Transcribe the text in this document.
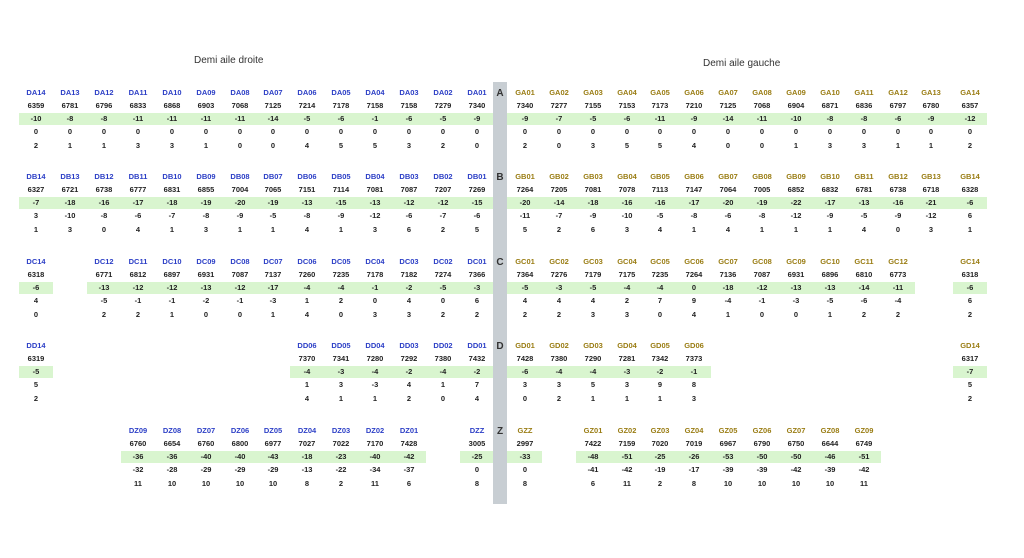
Demi aile droite	Demi aile gauche
A
DA14
6359
-10
0
2
DA13
6781
-8
0
1
DA12
6796
-8
0
1
DA11
6833
-11
0
3
DA10
6868
-11
0
3
DA09
6903
-11
0
1
DA08
7068
-11
0
0
DA07
7125
-14
0
0
DA06
7214
-5
0
4
DA05
7178
-6
0
5
DA04
7158
-1
0
5
DA03
7158
-6
0
3
DA02
7279
-5
0
2
DA01
7340
-9
0
0
GA01
7340
-9
0
2
GA02
7277
-7
0
0
GA03
7155
-5
0
3
GA04
7153
-6
0
5
GA05
7173
-11
0
5
GA06
7210
-9
0
4
GA07
7125
-14
0
0
GA08
7068
-11
0
0
GA09
6904
-10
0
1
GA10
6871
-8
0
3
GA11
6836
-8
0
3
GA12
6797
-6
0
1
GA13
6780
-9
0
1
GA14
6357
-12
0
2
B
DB14
6327
-7
3
1
DB13
6721
-18
-10
3
DB12
6738
-16
-8
0
DB11
6777
-17
-6
4
DB10
6831
-18
-7
1
DB09
6855
-19
-8
3
DB08
7004
-20
-9
1
DB07
7065
-19
-5
1
DB06
7151
-13
-8
4
DB05
7114
-15
-9
1
DB04
7081
-13
-12
3
DB03
7087
-12
-6
6
DB02
7207
-12
-7
2
DB01
7269
-15
-6
5
GB01
7264
-20
-11
5
GB02
7205
-14
-7
2
GB03
7081
-18
-9
6
GB04
7078
-16
-10
3
GB05
7113
-16
-5
4
GB06
7147
-17
-8
1
GB07
7064
-20
-6
4
GB08
7005
-19
-8
1
GB09
6852
-22
-12
1
GB10
6832
-17
-9
1
GB11
6781
-13
-5
4
GB12
6738
-16
-9
0
GB13
6718
-21
-12
3
GB14
6328
-6
6
1
C
DC14
6318
-6
4
0
DC12
6771
-13
-5
2
DC11
6812
-12
-1
2
DC10
6897
-12
-1
1
DC09
6931
-13
-2
0
DC08
7087
-12
-1
0
DC07
7137
-17
-3
1
DC06
7260
-4
1
4
DC05
7235
-4
2
0
DC04
7178
-1
0
3
DC03
7182
-2
4
3
DC02
7274
-5
0
2
DC01
7366
-3
6
2
GC01
7364
-5
4
2
GC02
7276
-3
4
2
GC03
7179
-5
4
3
GC04
7175
-4
2
3
GC05
7235
-4
7
0
GC06
7264
0
9
4
GC07
7136
-18
-4
1
GC08
7087
-12
-1
0
GC09
6931
-13
-3
0
GC10
6896
-13
-5
1
GC11
6810
-14
-6
2
GC12
6773
-11
-4
2
GC14
6318
-6
6
2
D
DD14
6319
-5
5
2
DD06
7370
-4
1
4
DD05
7341
-3
3
1
DD04
7280
-4
-3
1
DD03
7292
-2
4
2
DD02
7380
-4
1
0
DD01
7432
-2
7
4
GD01
7428
-6
3
0
GD02
7380
-4
3
2
GD03
7290
-4
5
1
GD04
7281
-3
3
1
GD05
7342
-2
9
1
GD06
7373
-1
8
3
GD14
6317
-7
5
2
Z
DZ09
6760
-36
-32
11
DZ08
6654
-36
-28
10
DZ07
6760
-40
-29
10
DZ06
6800
-40
-29
10
DZ05
6977
-43
-29
10
DZ04
7027
-18
-13
8
DZ03
7022
-23
-22
2
DZ02
7170
-40
-34
11
DZ01
7428
-42
-37
6
DZZ
3005
-25
0
8
GZZ
2997
-33
0
8
GZ01
7422
-48
-41
6
GZ02
7159
-51
-42
11
GZ03
7020
-25
-19
2
GZ04
7019
-26
-17
8
GZ05
6967
-53
-39
10
GZ06
6790
-50
-39
10
GZ07
6750
-50
-42
10
GZ08
6644
-46
-39
10
GZ09
6749
-51
-42
11
